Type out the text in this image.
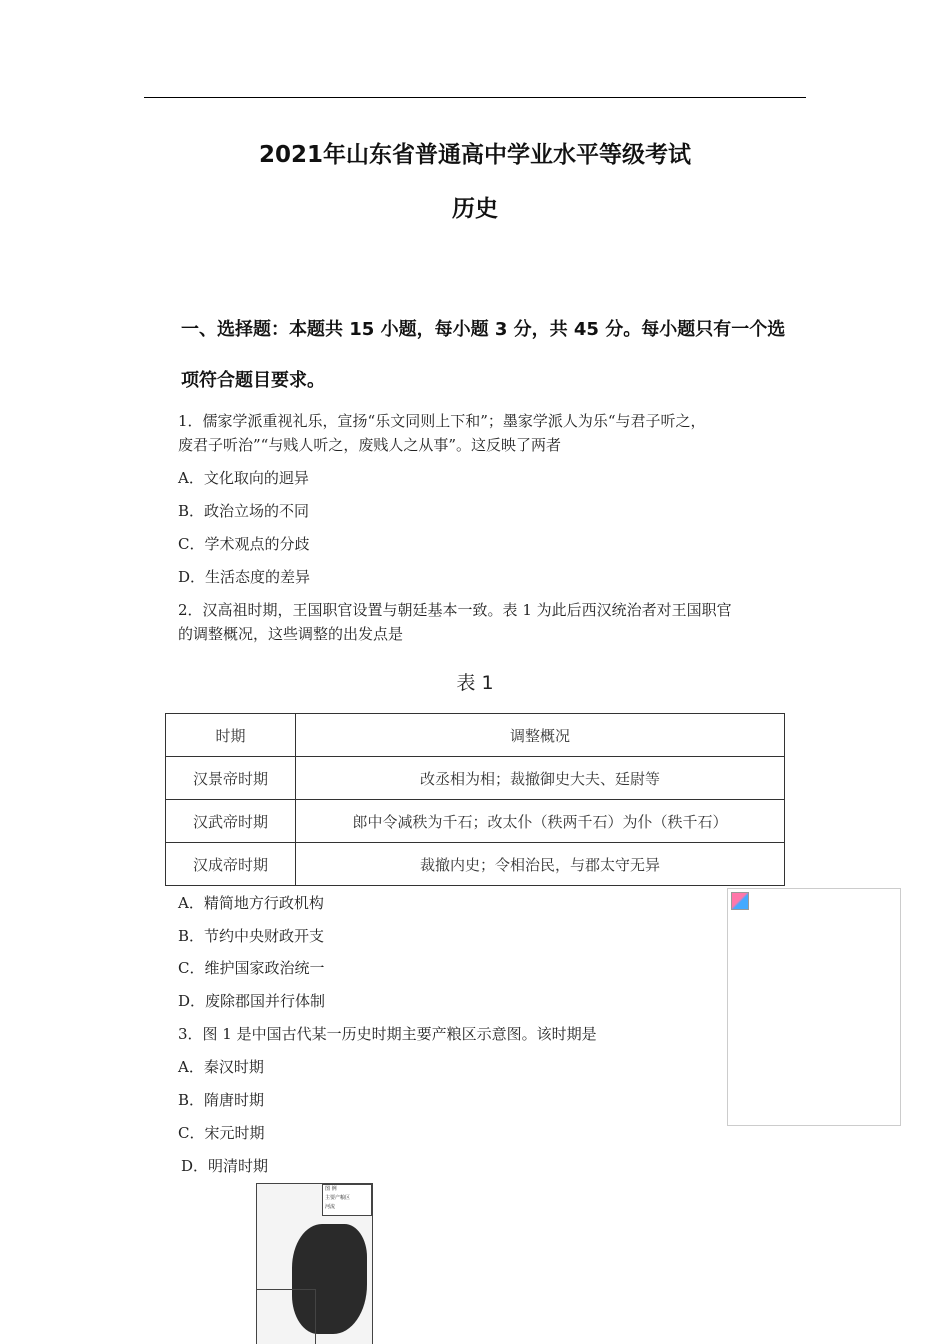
2021年山东省普通高中学业水平等级考试
历史
一、选择题：本题共 15 小题，每小题 3 分，共 45 分。每小题只有一个选
项符合题目要求。
1．儒家学派重视礼乐，宣扬“乐文同则上下和”；墨家学派人为乐“与君子听之，
废君子听治”“与贱人听之，废贱人之从事”。这反映了两者
A．文化取向的迥异
B．政治立场的不同
C．学术观点的分歧
D．生活态度的差异
2．汉高祖时期，王国职官设置与朝廷基本一致。表 1 为此后西汉统治者对王国职官
的调整概况，这些调整的出发点是
表 1
时期	调整概况
汉景帝时期	改丞相为相；裁撤御史大夫、廷尉等
汉武帝时期	郎中令减秩为千石；改太仆（秩两千石）为仆（秩千石）
汉成帝时期	裁撤内史；令相治民，与郡太守无异
A．精简地方行政机构
B．节约中央财政开支
C．维护国家政治统一
D．废除郡国并行体制
3．图 1 是中国古代某一历史时期主要产粮区示意图。该时期是
A．秦汉时期
B．隋唐时期
C．宋元时期
D．明清时期
图 例
主要产粮区
河流
